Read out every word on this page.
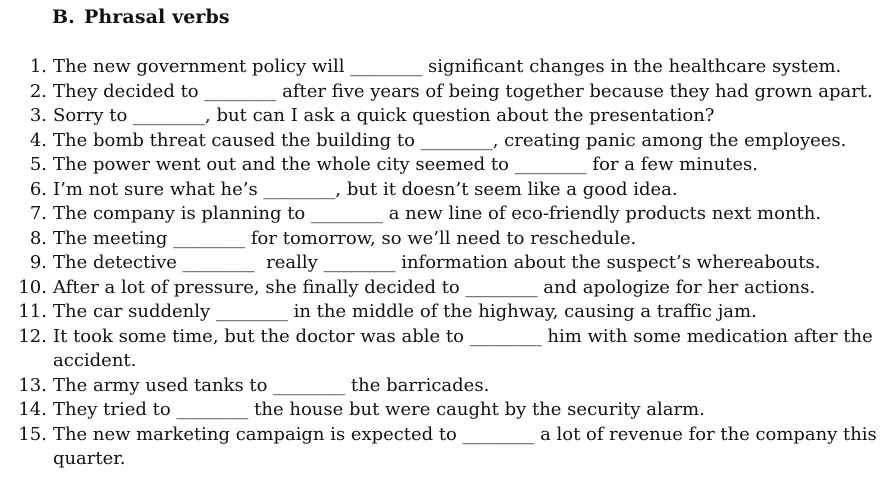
B. Phrasal verbs
1. The new government policy will ________ significant changes in the healthcare system.
2. They decided to ________ after five years of being together because they had grown apart.
3. Sorry to ________, but can I ask a quick question about the presentation?
4. The bomb threat caused the building to ________, creating panic among the employees.
5. The power went out and the whole city seemed to ________ for a few minutes.
6. I’m not sure what he’s ________, but it doesn’t seem like a good idea.
7. The company is planning to ________ a new line of eco-friendly products next month.
8. The meeting ________ for tomorrow, so we’ll need to reschedule.
9. The detective ________  really ________ information about the suspect’s whereabouts.
10. After a lot of pressure, she finally decided to ________ and apologize for her actions.
11. The car suddenly ________ in the middle of the highway, causing a traffic jam.
12. It took some time, but the doctor was able to ________ him with some medication after the
accident.
13. The army used tanks to ________ the barricades.
14. They tried to ________ the house but were caught by the security alarm.
15. The new marketing campaign is expected to ________ a lot of revenue for the company this
quarter.
